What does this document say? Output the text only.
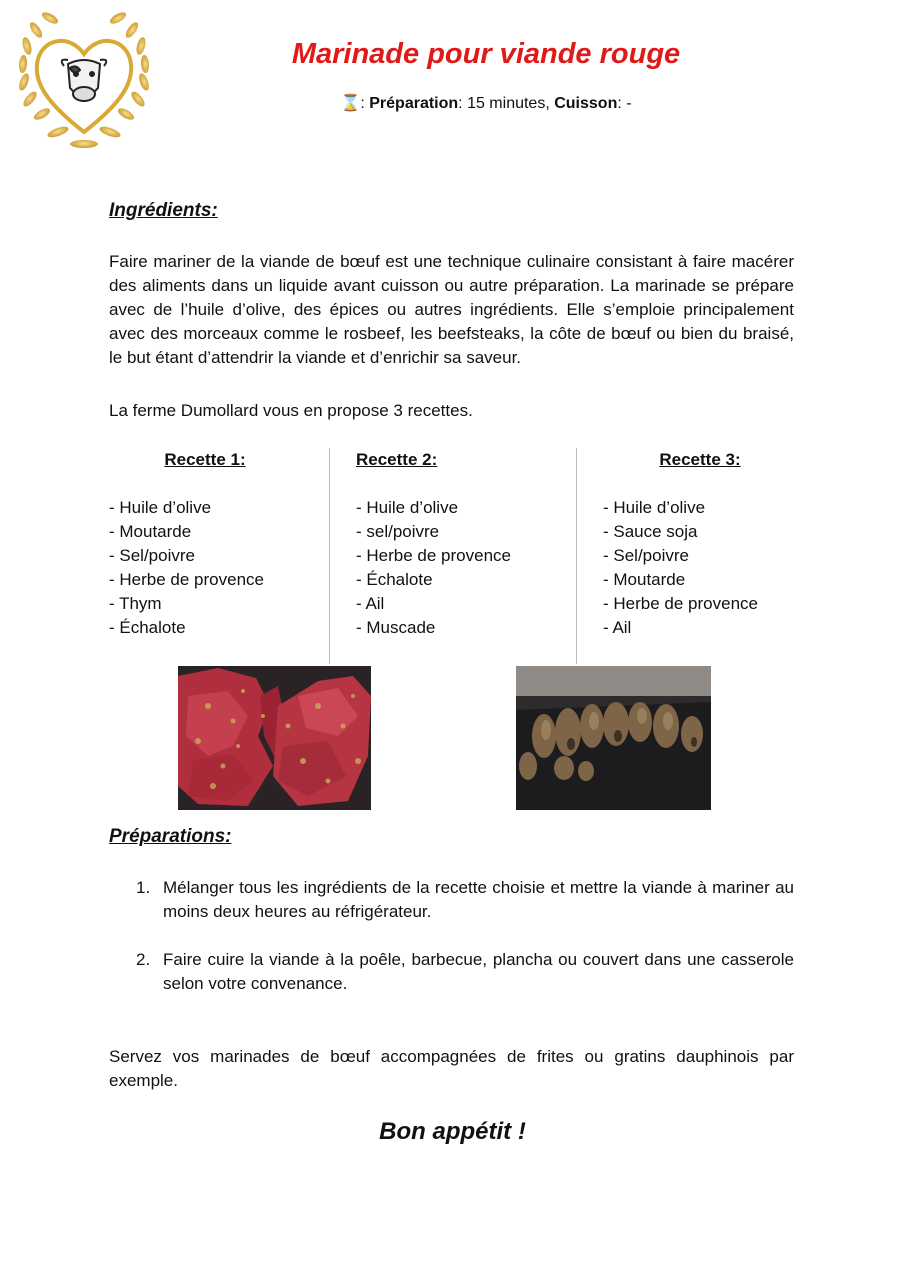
Marinade pour viande rouge
⌛: Préparation: 15 minutes, Cuisson: -
Ingrédients:
Faire mariner de la viande de bœuf est une technique culinaire consistant à faire macérer des aliments dans un liquide avant cuisson ou autre préparation. La marinade se prépare avec de l’huile d’olive, des épices ou autres ingrédients. Elle s’emploie principalement avec des morceaux comme le rosbeef, les beefsteaks, la côte de bœuf ou bien du braisé, le but étant d’attendrir la viande et d’enrichir sa saveur.
La ferme Dumollard vous en propose 3 recettes.
Recette 1:
- Huile d’olive
- Moutarde
- Sel/poivre
- Herbe de provence
- Thym
- Échalote
Recette 2:
- Huile d’olive
- sel/poivre
- Herbe de provence
- Échalote
- Ail
- Muscade
Recette 3:
- Huile d’olive
- Sauce soja
- Sel/poivre
- Moutarde
- Herbe de provence
- Ail
Préparations:
1. Mélanger tous les ingrédients de la recette choisie et mettre la viande à mariner au moins deux heures au réfrigérateur.
2. Faire cuire la viande à la poêle, barbecue, plancha ou couvert dans une casserole selon votre convenance.
Servez vos marinades de bœuf accompagnées de frites ou gratins dauphinois par exemple.
Bon appétit !
